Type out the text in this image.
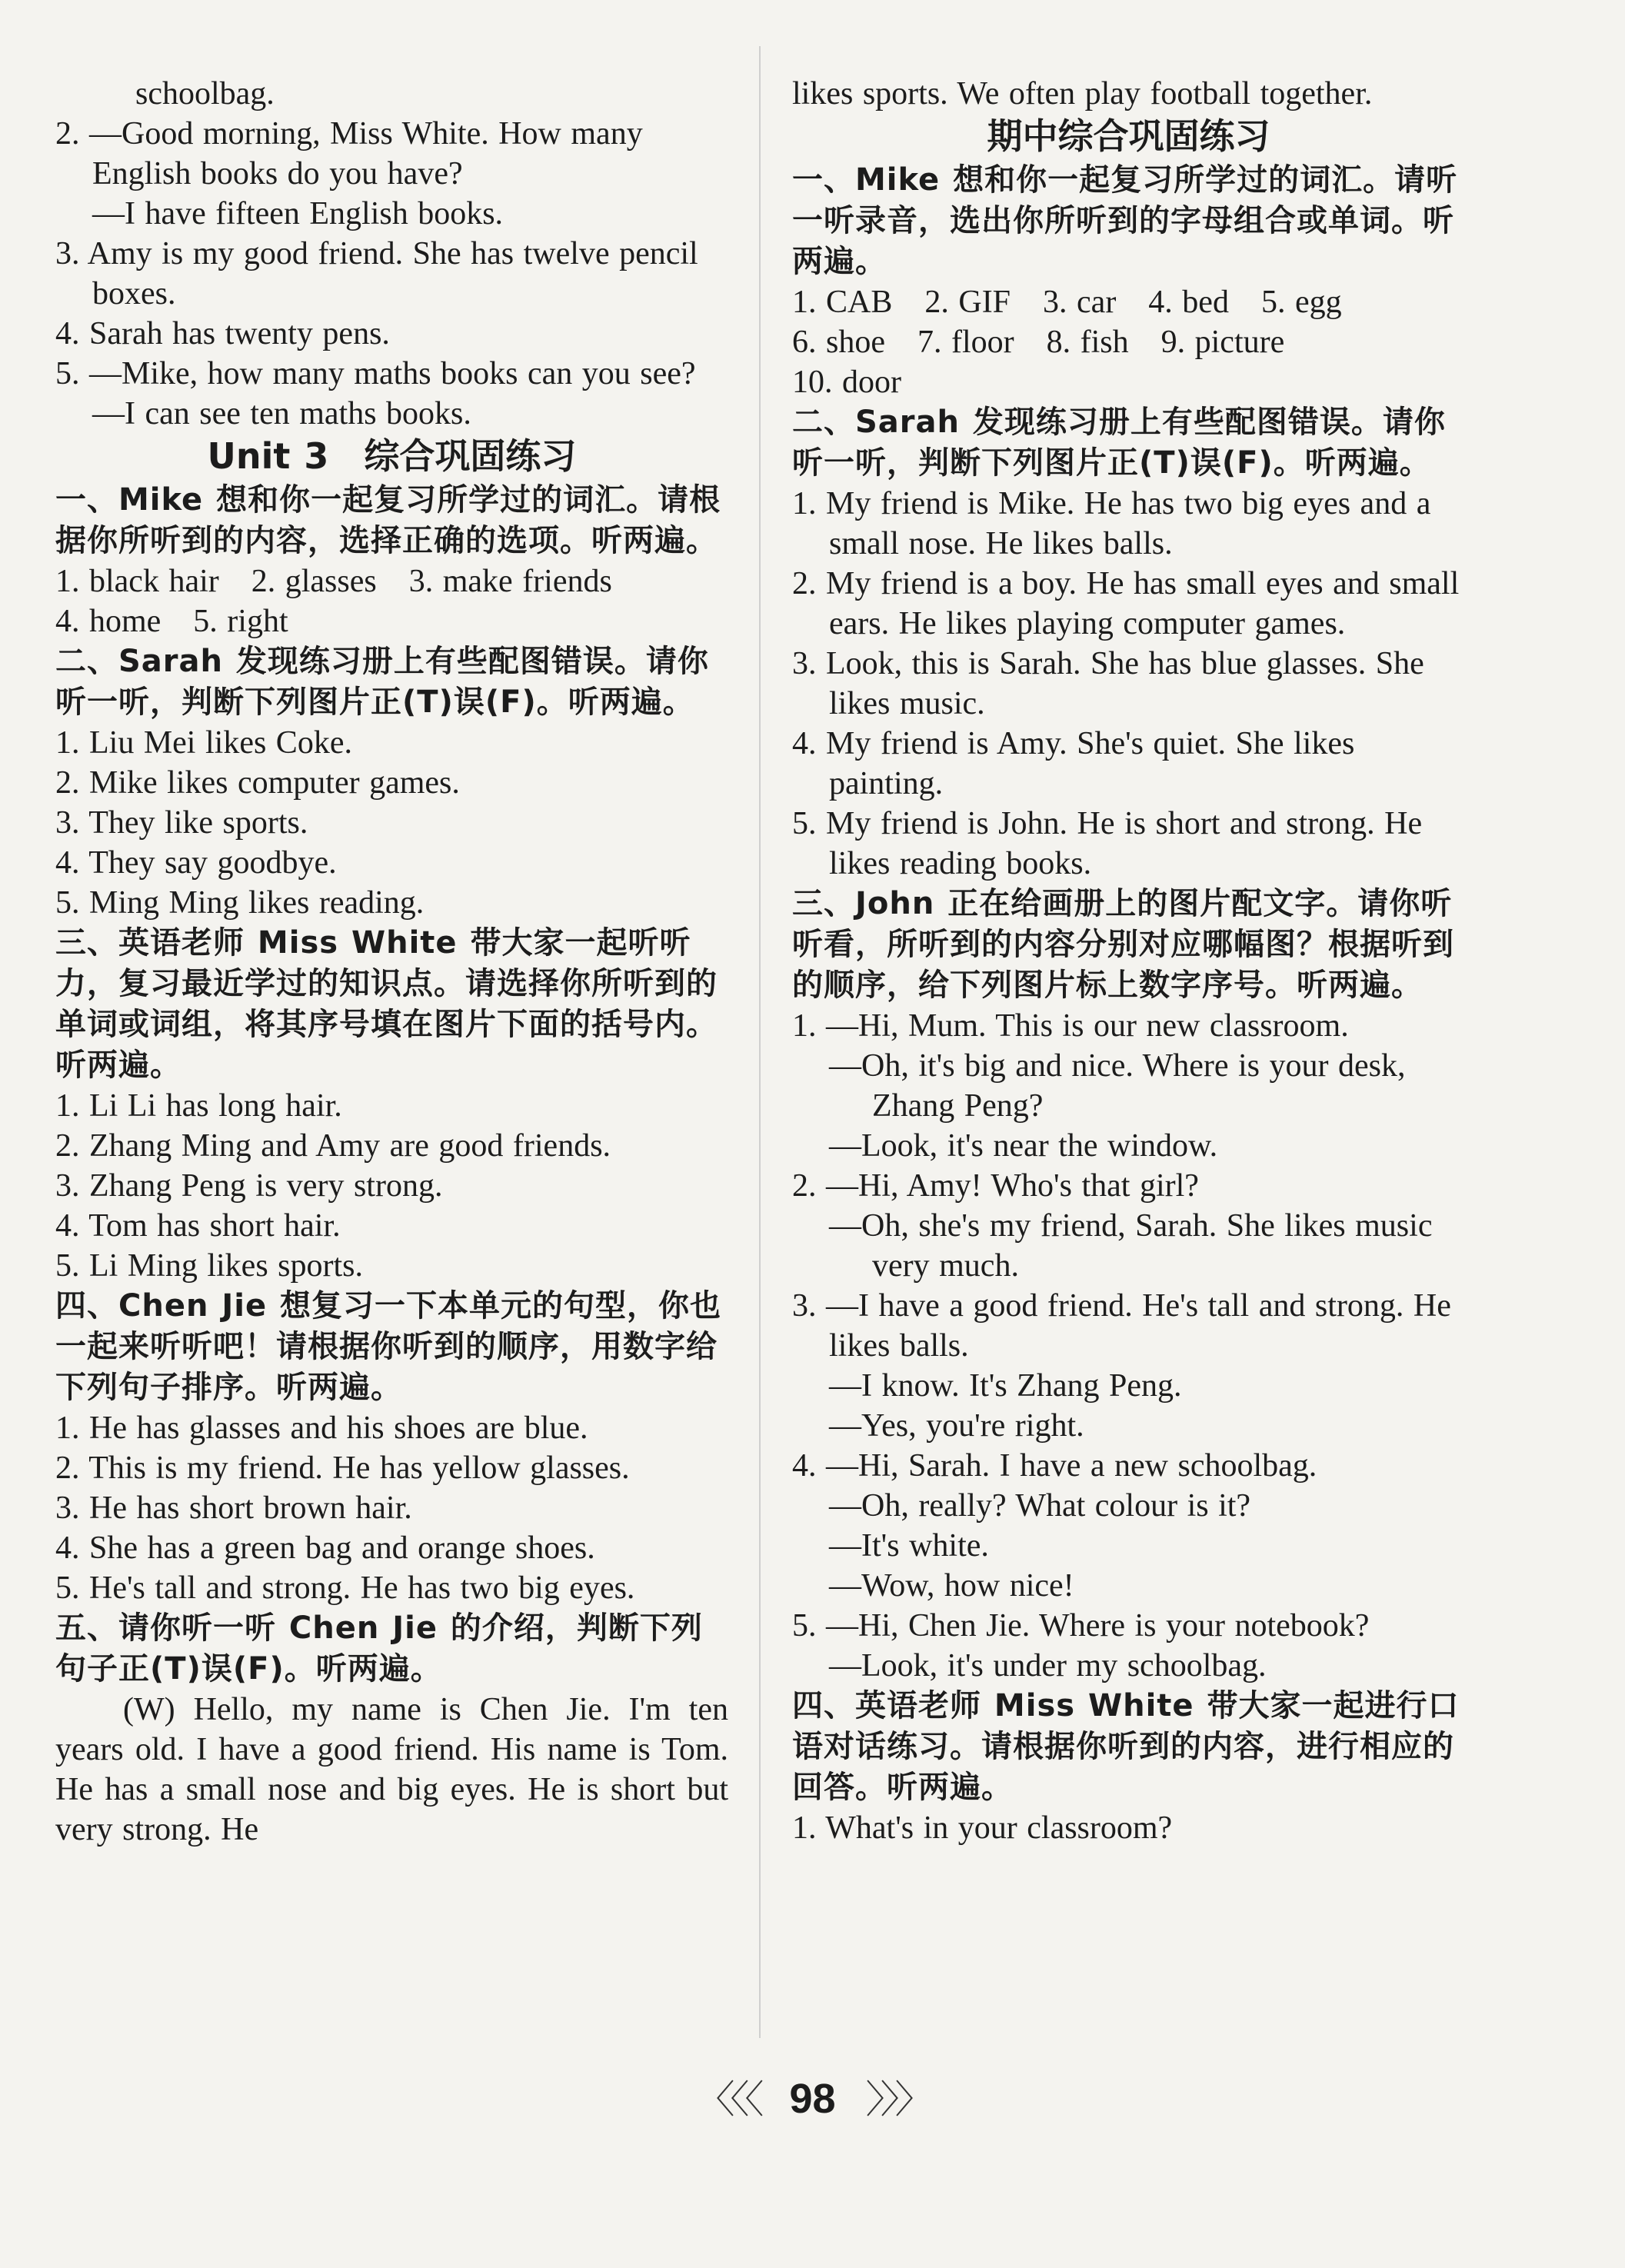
schoolbag.
2. —Good morning, Miss White. How many English books do you have?
—I have fifteen English books.
3. Amy is my good friend. She has twelve pencil boxes.
4. Sarah has twenty pens.
5. —Mike, how many maths books can you see?
—I can see ten maths books.
Unit 3　综合巩固练习
一、Mike 想和你一起复习所学过的词汇。请根据你所听到的内容，选择正确的选项。听两遍。
1. black hair　2. glasses　3. make friends
4. home　5. right
二、Sarah 发现练习册上有些配图错误。请你听一听，判断下列图片正(T)误(F)。听两遍。
1. Liu Mei likes Coke.
2. Mike likes computer games.
3. They like sports.
4. They say goodbye.
5. Ming Ming likes reading.
三、英语老师 Miss White 带大家一起听听力，复习最近学过的知识点。请选择你所听到的单词或词组，将其序号填在图片下面的括号内。听两遍。
1. Li Li has long hair.
2. Zhang Ming and Amy are good friends.
3. Zhang Peng is very strong.
4. Tom has short hair.
5. Li Ming likes sports.
四、Chen Jie 想复习一下本单元的句型，你也一起来听听吧！请根据你听到的顺序，用数字给下列句子排序。听两遍。
1. He has glasses and his shoes are blue.
2. This is my friend. He has yellow glasses.
3. He has short brown hair.
4. She has a green bag and orange shoes.
5. He's tall and strong. He has two big eyes.
五、请你听一听 Chen Jie 的介绍，判断下列句子正(T)误(F)。听两遍。
(W) Hello, my name is Chen Jie. I'm ten years old. I have a good friend. His name is Tom. He has a small nose and big eyes. He is short but very strong. He
likes sports. We often play football together.
期中综合巩固练习
一、Mike 想和你一起复习所学过的词汇。请听一听录音，选出你所听到的字母组合或单词。听两遍。
1. CAB　2. GIF　3. car　4. bed　5. egg
6. shoe　7. floor　8. fish　9. picture
10. door
二、Sarah 发现练习册上有些配图错误。请你听一听，判断下列图片正(T)误(F)。听两遍。
1. My friend is Mike. He has two big eyes and a small nose. He likes balls.
2. My friend is a boy. He has small eyes and small ears. He likes playing computer games.
3. Look, this is Sarah. She has blue glasses. She likes music.
4. My friend is Amy. She's quiet. She likes painting.
5. My friend is John. He is short and strong. He likes reading books.
三、John 正在给画册上的图片配文字。请你听听看，所听到的内容分别对应哪幅图？根据听到的顺序，给下列图片标上数字序号。听两遍。
1. —Hi, Mum. This is our new classroom.
—Oh, it's big and nice. Where is your desk, Zhang Peng?
—Look, it's near the window.
2. —Hi, Amy! Who's that girl?
—Oh, she's my friend, Sarah. She likes music very much.
3. —I have a good friend. He's tall and strong. He likes balls.
—I know. It's Zhang Peng.
—Yes, you're right.
4. —Hi, Sarah. I have a new schoolbag.
—Oh, really? What colour is it?
—It's white.
—Wow, how nice!
5. —Hi, Chen Jie. Where is your notebook?
—Look, it's under my schoolbag.
四、英语老师 Miss White 带大家一起进行口语对话练习。请根据你听到的内容，进行相应的回答。听两遍。
1. What's in your classroom?
〈〈〈 98 〉〉〉
